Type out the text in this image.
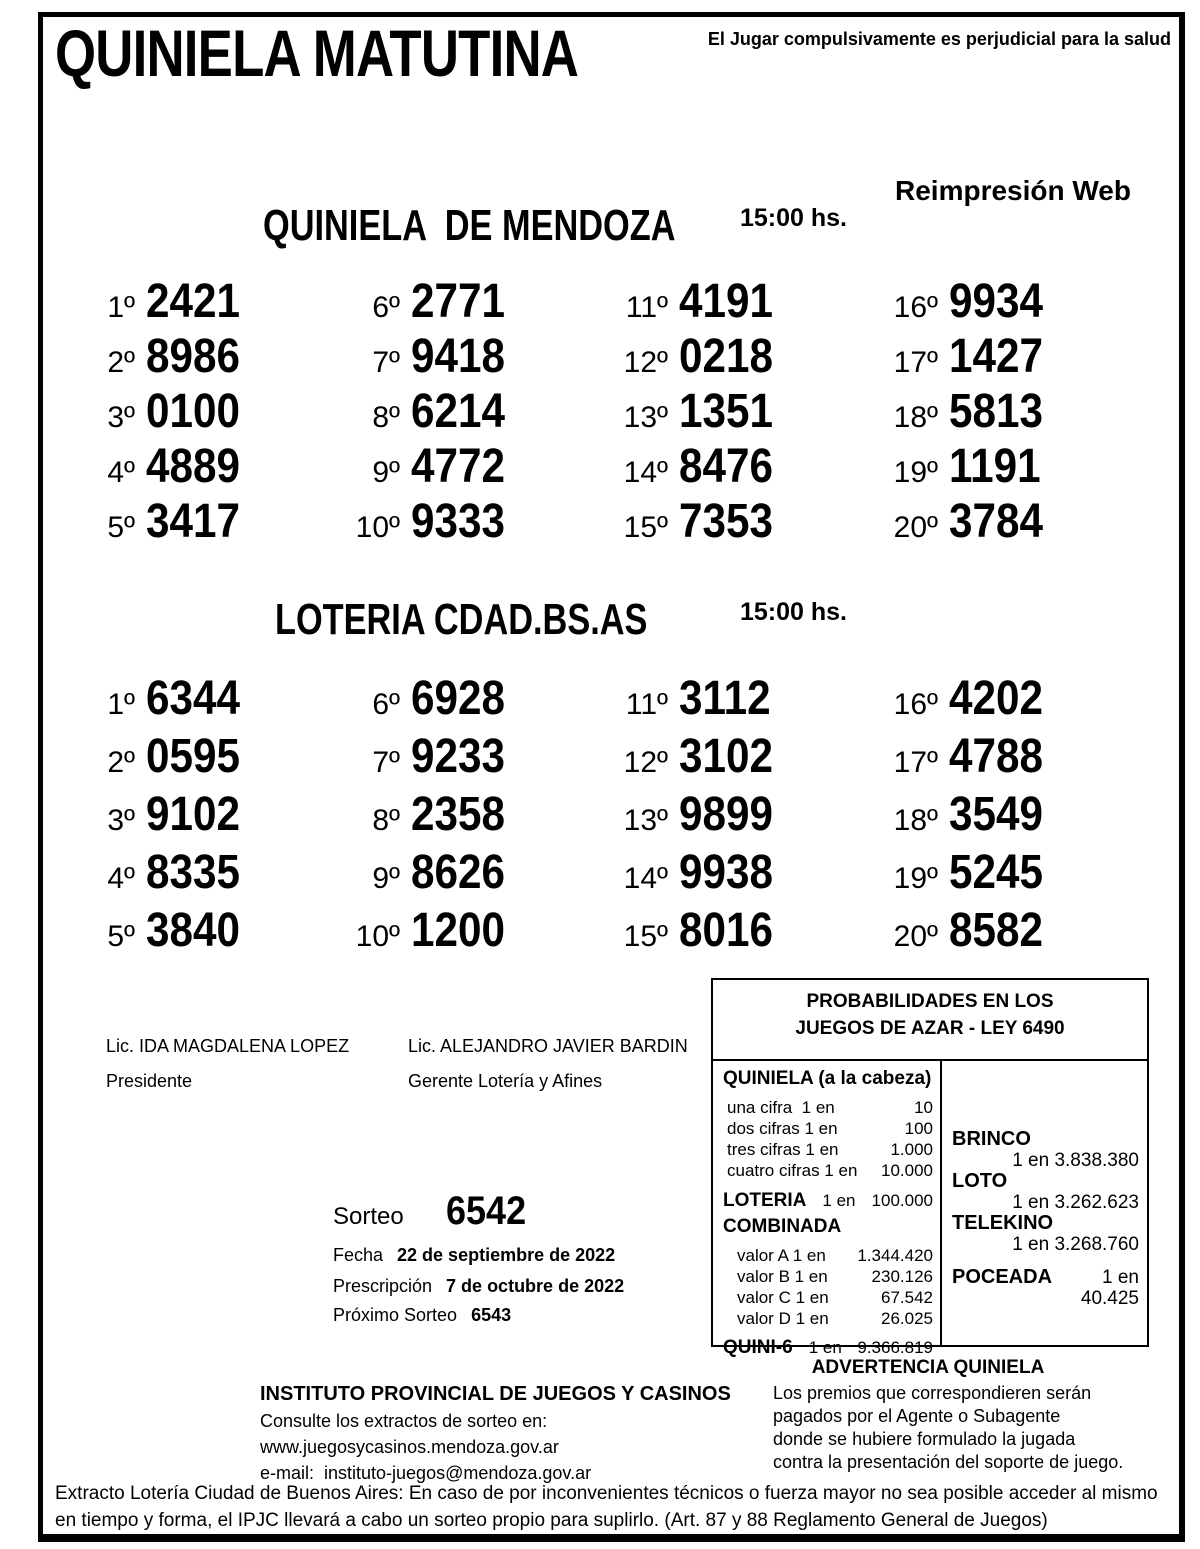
QUINIELA MATUTINA	El Jugar compulsivamente es perjudicial para la salud
QUINIELA  DE MENDOZA	15:00 hs.
Reimpresión Web
1º 2421	6º 2771	11º 4191	16º 9934
2º 8986	7º 9418	12º 0218	17º 1427
3º 0100	8º 6214	13º 1351	18º 5813
4º 4889	9º 4772	14º 8476	19º 1191
5º 3417	10º 9333	15º 7353	20º 3784
LOTERIA CDAD.BS.AS	15:00 hs.
1º 6344	6º 6928	11º 3112	16º 4202
2º 0595	7º 9233	12º 3102	17º 4788
3º 9102	8º 2358	13º 9899	18º 3549
4º 8335	9º 8626	14º 9938	19º 5245
5º 3840	10º 1200	15º 8016	20º 8582
Lic. IDA MAGDALENA LOPEZ
Presidente
Lic. ALEJANDRO JAVIER BARDIN
Gerente Lotería y Afines
PROBABILIDADES EN LOS
JUEGOS DE AZAR - LEY 6490
QUINIELA (a la cabeza)
una cifra  1 en	10
dos cifras 1 en	100
tres cifras 1 en	1.000
cuatro cifras 1 en 10.000
LOTERIA 1 en 100.000
COMBINADA
valor A 1 en 1.344.420
valor B 1 en	230.126
valor C 1 en	67.542
valor D 1 en	26.025
QUINI-6 1 en 9.366.819
BRINCO
1 en 3.838.380
LOTO
1 en 3.262.623
TELEKINO
1 en 3.268.760
POCEADA	1 en 40.425
Sorteo 6542
Fecha 22 de septiembre de 2022
Prescripción 7 de octubre de 2022
Próximo Sorteo 6543
INSTITUTO PROVINCIAL DE JUEGOS Y CASINOS
Consulte los extractos de sorteo en:
www.juegosycasinos.mendoza.gov.ar
e-mail:  instituto-juegos@mendoza.gov.ar
ADVERTENCIA QUINIELA
Los premios que correspondieren serán
pagados por el Agente o Subagente
donde se hubiere formulado la jugada
contra la presentación del soporte de juego.
Extracto Lotería Ciudad de Buenos Aires: En caso de por inconvenientes técnicos o fuerza mayor no sea posible acceder al mismo en tiempo y forma, el IPJC llevará a cabo un sorteo propio para suplirlo. (Art. 87 y 88 Reglamento General de Juegos)
